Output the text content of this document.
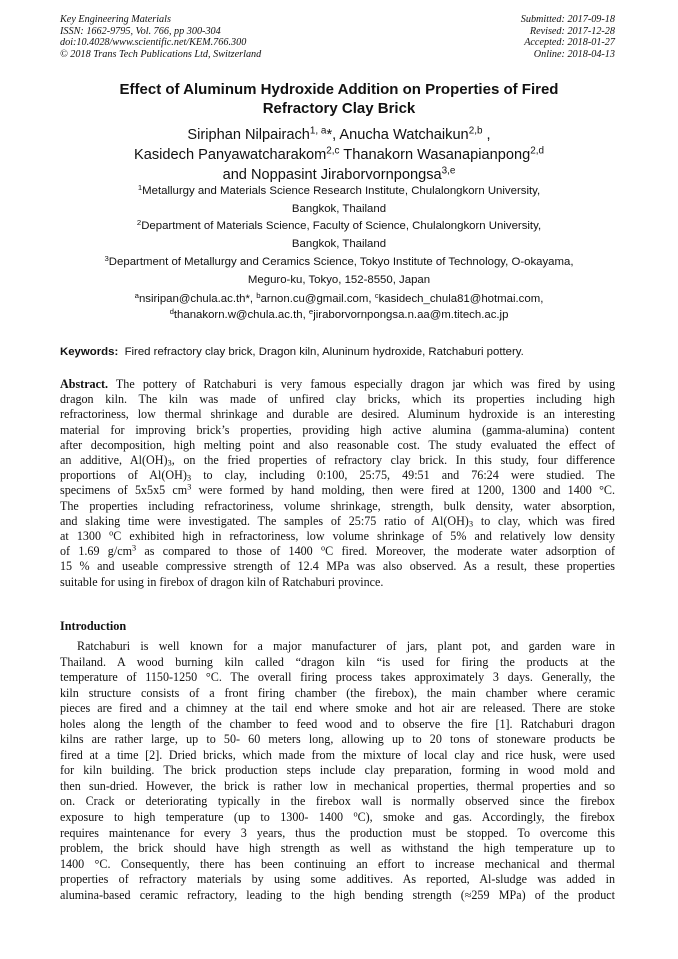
Key Engineering Materials
ISSN: 1662-9795, Vol. 766, pp 300-304
doi:10.4028/www.scientific.net/KEM.766.300
© 2018 Trans Tech Publications Ltd, Switzerland
Submitted: 2017-09-18
Revised: 2017-12-28
Accepted: 2018-01-27
Online: 2018-04-13
Effect of Aluminum Hydroxide Addition on Properties of Fired
Refractory Clay Brick
Siriphan Nilpairach$^{1, a}$*, Anucha Watchaikun$^{2,b}$ ,
Kasidech Panyawatcharakom$^{2,c}$ Thanakorn Wasanapianpong$^{2,d}$
and Noppasint Jiraborvornpongsa$^{3,e}$
$^1$Metallurgy and Materials Science Research Institute, Chulalongkorn University,
Bangkok, Thailand
$^2$Department of Materials Science, Faculty of Science, Chulalongkorn University,
Bangkok, Thailand
$^3$Department of Metallurgy and Ceramics Science, Tokyo Institute of Technology, O-okayama,
Meguro-ku, Tokyo, 152-8550, Japan
$^a$nsiripan@chula.ac.th*, $^b$arnon.cu@gmail.com, $^c$kasidech_chula81@hotmai.com,
$^d$thanakorn.w@chula.ac.th, $^e$jiraborvornpongsa.n.aa@m.titech.ac.jp
Keywords:  Fired refractory clay brick, Dragon kiln, Aluninum hydroxide, Ratchaburi pottery.
Abstract. The pottery of Ratchaburi is very famous especially dragon jar which was fired by using
dragon kiln. The kiln was made of unfired clay bricks, which its properties including high
refractoriness, low thermal shrinkage and durable are desired. Aluminum hydroxide is an interesting
material for improving brick’s properties, providing high active alumina (gamma-alumina) content
after decomposition, high melting point and also reasonable cost. The study evaluated the effect of
an additive, $Al(OH)_3$, on the fried properties of refractory clay brick. In this study, four difference
proportions of $Al(OH)_3$ to clay, including 0:100, 25:75, 49:51 and 76:24 were studied. The
specimens of 5x5x5 $cm^3$ were formed by hand molding, then were fired at 1200, 1300 and 1400 °C.
The properties including refractoriness, volume shrinkage, strength, bulk density, water absorption,
and slaking time were investigated. The samples of 25:75 ratio of $Al(OH)_3$ to clay, which was fired
at 1300 $^o$C exhibited high in refractoriness, low volume shrinkage of 5% and relatively low density
of 1.69 $g/cm^3$ as compared to those of 1400 $^o$C fired. Moreover, the moderate water adsorption of
15 % and useable compressive strength of 12.4 MPa was also observed. As a result, these properties
suitable for using in firebox of dragon kiln of Ratchaburi province.
Introduction
Ratchaburi is well known for a major manufacturer of jars, plant pot, and garden ware in
Thailand. A wood burning kiln called “dragon kiln “is used for firing the products at the
temperature of 1150-1250 °C. The overall firing process takes approximately 3 days. Generally, the
kiln structure consists of a front firing chamber (the firebox), the main chamber where ceramic
pieces are fired and a chimney at the tail end where smoke and hot air are released. There are stoke
holes along the length of the chamber to feed wood and to observe the fire [1]. Ratchaburi dragon
kilns are rather large, up to 50- 60 meters long, allowing up to 20 tons of stoneware products be
fired at a time [2]. Dried bricks, which made from the mixture of local clay and rice husk, were used
for kiln building. The brick production steps include clay preparation, forming in wood mold and
then sun-dried. However, the brick is rather low in mechanical properties, thermal properties and so
on. Crack or deteriorating typically in the firebox wall is normally observed since the firebox
exposure to high temperature (up to 1300- 1400 $^o$C), smoke and gas. Accordingly, the firebox
requires maintenance for every 3 years, thus the production must be stopped. To overcome this
problem, the brick should have high strength as well as withstand the high temperature up to
1400 °C. Consequently, there has been continuing an effort to increase mechanical and thermal
properties of refractory materials by using some additives. As reported, Al-sludge was added in
alumina-based ceramic refractory, leading to the high bending strength (≈259 MPa) of the product
